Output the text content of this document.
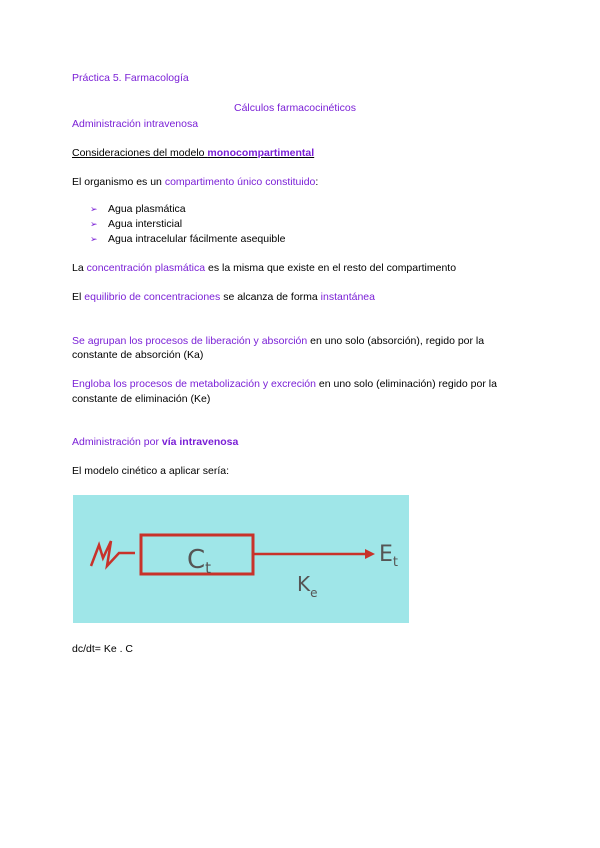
Práctica 5. Farmacología
Cálculos farmacocinéticos
Administración intravenosa
Consideraciones del modelo monocompartimental
El organismo es un compartimento único constituido:
➢ Agua plasmática
➢ Agua intersticial
➢ Agua intracelular fácilmente asequible
La concentración plasmática es la misma que existe en el resto del compartimento
El equilibrio de concentraciones se alcanza de forma instantánea
Se agrupan los procesos de liberación y absorción en uno solo (absorción), regido por la
constante de absorción (Ka)
Engloba los procesos de metabolización y excreción en uno solo (eliminación) regido por la
constante de eliminación (Ke)
Administración por vía intravenosa
El modelo cinético a aplicar sería:
Ct
$E_t$
$K_e$
dc/dt= Ke . C
